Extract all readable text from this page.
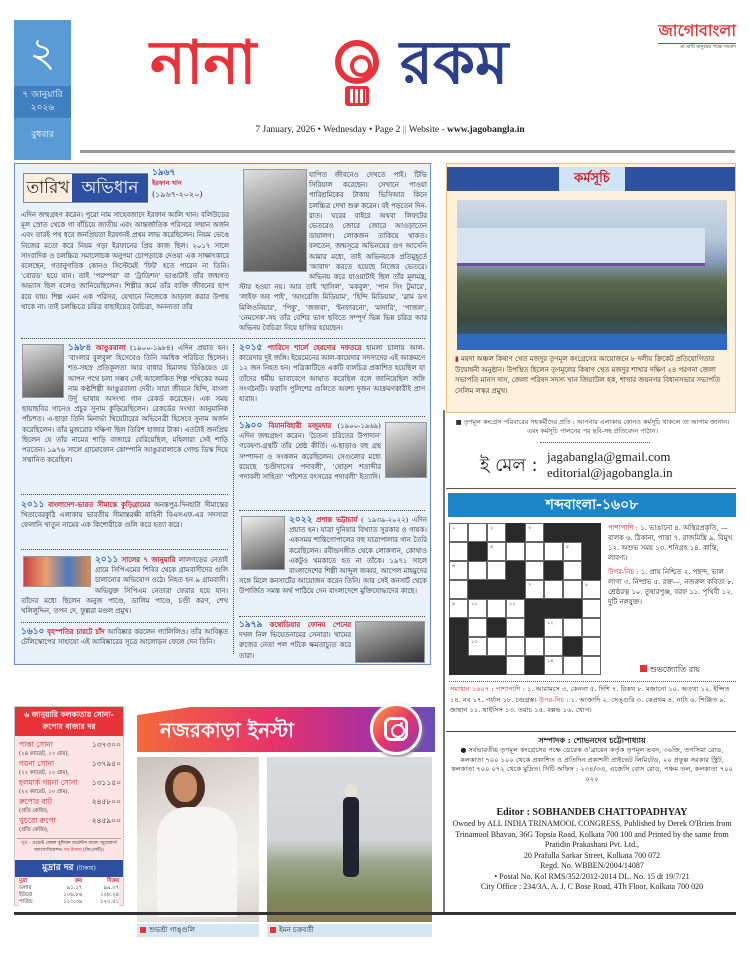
২
৭ জানুয়ারি ২০২৬
বুধবার
নানা রকম	জাগোবাংলা
মা মাটি মানুষের পক্ষে সংবাদ
7 January, 2026 • Wednesday • Page 2 || Website - www.jagobangla.in
তারিখ অভিধান
১৯৬৭
ইরফান খান
(১৯৬৭-২০২০)
এদিন জন্মগ্রহণ করেন। পুরো নাম সাহেবজাদে ইরফান আলি খান। বলিউডের মূল স্রোত থেকে গা বাঁচিয়ে জাতীয় এবং আন্তর্জাতিক পরিসরে সম্মান অর্জন এবং তারই পথ ধরে জনপ্রিয়তা ইরফানই প্রথম লাভ করেছিলেন। নিয়ম ভেঙে নিজের মতো করে নিয়ম গড়া ইরফানের প্রিয় কাজ ছিল। ২০১৭ সালে সাংবাদিক ও চলচ্চিত্র সমালোচক অনুপমা চোপড়াকে দেওয়া এক সাক্ষাৎকারে বলেছেন, গতানুগতিক কোনও সিস্টেমেই 'ফিট' হতে পারেন না তিনি। 'বোরড' হয়ে যান। তাই 'পরম্পরা' বা 'ট্রাডিশন' ভাঙাটাই তাঁর জন্মগত অভ্যাস ছিল বলেও জানিয়েছিলেন। শিল্পীর কর্মে তাঁর ব্যক্তি জীবনের ছাপ রয়ে যায়। শিল্প এমন এক পরিসর, যেখানে নিজেকে আড়াল করার উপায় থাকে না। তাই চলচ্চিত্রে চরিত্র বাছাইয়ের বৈচিত্র্য, অনন্যতা তাঁর
যাপিত জীবনেও দেখতে পাই। টিভি সিরিয়াল করেছেন। সেখানে পাওয়া পারিশ্রমিকের টাকায় ভিসিআর কিনে চলচ্চিত্র দেখা শুরু করেন। বই পড়তেন দিন-রাত। ঘরের বাইরে অথবা লিফটের ভেতরেও জোরে জোরে আওড়াতেন ডায়ালগ। লোকজন তাকিয়ে থাকত। বলতেন, জন্মসূত্রে অভিনয়ের গুণ আসেনি আমার মধ্যে, তাই অভিনয়কে প্রতিমুহূর্তে 'আবাদ' করতে হয়েছে নিজের ভেতরে। অভিনয় করে যাওয়াটাই ছিল তাঁর মূলমন্ত্র, স্টার হওয়া নয়। আর তাই 'হাসিল', 'মকবুল', 'পান সিং টুমারে', 'লাইফ অব পাই', 'আংরেজি মিডিয়াম', 'হিন্দি মিডিয়াম', 'স্লাম ডগ মিলিওনিয়ার', 'পিকু', 'জজবা', 'ইনফারনো', 'মাদারি', 'পাজল', 'নেমসেক'-সহ তাঁর বেশির ভাগ ছবিতে সম্পূর্ণ ভিন্ন ভিন্ন চরিত্র আর অভিনয় বৈচিত্র্য নিয়ে হাজির হয়েছেন।
১৯৮৪ আঙুরবালা (১৯০০-১৯৮৪) এদিন প্রয়াত হন। 'বাংলার বুলবুল' হিসেবেও তিনি সমধিক পরিচিত ছিলেন। শত-সহস্র প্রতিকূলতা আর বাধার হিমালয় ডিঙিয়েও যে আপন পথে চলা সম্ভব সেই আলোকিত শিল্প পথিকের অমর নাম কণ্ঠশিল্পী আঙুরবালা দেবী। সারা জীবনে হিন্দি, বাংলা উর্দু ভাষায় অসংখ্য গান রেকর্ড করেছেন। এক সময় ছায়াছবির গানেও প্রচুর সুনাম কুড়িয়েছিলেন। রেকর্ডের সংখ্যা আনুমানিক পাঁচশত। এ-ছাড়া তিনি মিনার্ভা থিয়েটারের অভিনেত্রী হিসেবে সুনাম অর্জন করেছিলেন। তাঁর মুজরোর দক্ষিণা ছিল তিরিশ হাজার টাকা। এতটাই জনপ্রিয় ছিলেন যে তাঁর নামের শাড়ি বাজারে বেরিয়েছিল, মহিলারা সেই শাড়ি পরতেন। ১৯৭৬ সালে গ্রামোফোন কোম্পানি আঙুরবালাকে গোল্ড ডিস্ক দিয়ে সম্মানিত করেছিল।
২০১৫ প্যারিসে শার্লে হেবদোর দফতরে হামলা চালায় আল-কায়েদার দুই জঙ্গি। ইয়েমেনের আল-কায়েদার সদস্যদের এই আক্রমণে ১২ জন নিহত হন। পত্রিকাটিতে একটি ব্যঙ্গচিত্র প্রকাশিত হয়েছিল যা তাঁদের ধর্মীয় ভাবাবেগে আঘাত করেছিল বলে জানিয়েছিল জঙ্গি সংগঠনটি। ফরাসি পুলিশের গুলিতে অবশ্য দুজন আক্রমণকারীই প্রাণ হারায়।
১৯০০ বিমানবিহারী মজুমদার (১৯০০-১৯৬৯) এদিন জন্মগ্রহণ করেন। 'চৈতন্য চরিতের উপাদান' গবেষণা-গ্রন্থটি তাঁর শ্রেষ্ঠ কীর্তি। এ-ছাড়াও বহু গ্রন্থ সম্পাদনা ও সংকলন করেছিলেন। সেগুলোর মধ্যে রয়েছে 'চণ্ডীদাসের পদাবলী', 'ষোড়শ শতাব্দীর পদাবলী সাহিত্য' 'পাঁচশত বৎসরের পদাবলী' ইত্যাদি।
২০১১ বাংলাদেশ-ভারত সীমান্তে কুড়িগ্রামের অনন্তপুর-দিনহাটা সীমান্তের খিতাবেরকুঠি এলাকায় ভারতীয় সীমান্তরক্ষী বাহিনী বিএসএফ-এর সদস্যরা ফেলানি খাতুন নামের এক কিশোরীকে গুলি করে হত্যা করে।
২০২২ প্রশান্ত ভট্টাচার্য ( ১৯৩৯-২০২২) এদিন প্রয়াত হন। যাত্রা দুনিয়ার বিখ্যাত সুরকার ও গায়ক। একসময় শান্তিগোপালের বহু যাত্রাপালার গান তৈরি করেছিলেন। রবীন্দ্রসঙ্গীত থেকে লোকগান, কোথাও একটুও থমকাতে হত না তাঁকে। ১৯৭১ সালে বাংলাদেশের শিল্পী আব্দুল জব্বর, আপেল মাহমুদের সঙ্গে মিলে কনসার্টের আয়োজন করেন তিনি। আর সেই কনসার্ট থেকে উপার্জিত সমস্ত অর্থ পাঠিয়ে দেন বাংলাদেশে মুক্তিযোদ্ধাদের কাছে।
২০১১ সালের ৭ জানুয়ারি লালগড়ের নেতাই গ্রামে সিপিএমের শিবির থেকে গ্রামবাসীদের গুলি চালানোর অভিযোগ ওঠে। নিহত হন ৯ গ্রামবাসী। অভিযুক্ত সিপিএম নেতারা ফেরার হয়ে যান। তাঁদের মধ্যে ছিলেন অনুজ পাণ্ডে, ডালিম পাণ্ডে, চণ্ডী করণ, শেখ খলিলুদ্দিন, তপন দে, ফুল্লরা মণ্ডল প্রমুখ।
১৬১০ বৃহস্পতির চারটে চাঁদ আবিষ্কার করলেন গ্যালিলিও। তাঁর আবিষ্কৃত টেলিস্কোপের সাহায্যে এই আবিষ্কারের সূত্রে আলোড়ন ফেলে দেন তিনি।
১৯৭৯ কম্বোডিয়ার ফোনম পেনের দখল নিল ভিয়েতনামের সেনারা। খামের রুজের নেতা পল পটকে ক্ষমতাচ্যুত করে তারা।
কর্মসূচি
▮ ময়দা অঞ্চল কিষাণ খেত মজদুর তৃণমূল কংগ্রেসের আয়োজনে ৮ দলীয় ক্রিকেট প্রতিযোগিতার উদ্বোধনী অনুষ্ঠান। উপস্থিত ছিলেন তৃণমূলের কিষাণ খেত মজদুর শাখার দক্ষিণ ২৪ পরগনা জেলা সভাপতি মানস দাস, জেলা পরিষদ সদস্য খান জিয়াউল হক, শাখার জয়নগর বিধানসভার সভাপতি সেলিম লস্কর প্রমুখ।
■ তৃণমূল কংগ্রেস পরিবারের সহকর্মীদের প্রতি : আপনার এলাকায় কোনও কর্মসূচি থাকলে তা আগাম জানান। এবং কর্মসূচি পালনের পর ছবি-সহ প্রতিবেদন পাঠান।
ই মেল : jagabangla@gmail.com
editorial@jagobangla.in
শব্দবাংলা-১৬০৮
১	২	৩
৪	৫
৬
৭	৮
৯	১০	১১
১২
১৩
১৪
পাশাপাশি : ১. ভাঙানো ৪. অস্থিরপ্রকৃতি, — বালক ৬. ঠিকানা, পাত্তা ৭. রাজমিস্ত্রি ৯. বিমুখ ১২. অশুভ সময় ১৩. শনিগ্রহ ১৪. কান্তি, লাবণ্য।
উপর-নিচ : ১. প্রায় নিশ্চিত ২. পছন্দ, ভাল লাগা ৩. নিষ্প্রভ ৫. রক্ত—, নজরুল কবিতা ৮. শ্রেষ্ঠরত্ন ১০. তুষারপুঞ্জ, বরফ ১১. পৃথিবী ১২. দুটি নলযুক্ত।
শুভজ্যোতি রায়
সমাধান ১৬০৭ : পাশাপাশি : ১. আরামসে ৩. কেননা ৫. দিশি ৭. রিকথ ৮. মজানো ১০. অতথা ১২. ইপ্সিত ১৪. নব ১৭. পর্যাস ১৮. চন্দ্রগ্রস্ত। উপর-নিচ : ১. আজাদি ২. সেঙ্গুরি ৩. কেপ্রথম ৪. নাট্য ৬. শিঞ্জিত ৯. জাহান ১১. থাইসিস ১৩. তরাচ ১৫. বল্লভ ১৬. খোপ।
সম্পাদক : শোভনদেব চট্টোপাধ্যায়
● সর্বভারতীয় তৃণমূল কংগ্রেসের পক্ষে ডেরেক ও'ব্রায়েন কর্তৃক তৃণমূল ভবন, ৩৬জি, তপসিয়া রোড, কলকাতা ৭০০ ১০০ থেকে প্রকাশিত ও প্রতিদিন প্রকাশনী প্রাইভেট লিমিটেড, ২০ প্রফুল্ল সরকার স্ট্রিট, কলকাতা ৭০০ ০৭২ থেকে মুদ্রিত। সিটি অফিস : ২৩৪/৩এ, এজেসি বোস রোড, পঞ্চম তল, কলকাতা ৭০০ ০২০
Editor : SOBHANDEB CHATTOPADHYAY
Owned by ALL INDIA TRINAMOOL CONGRESS, Published by Derek O'Brien from Trinamool Bhavan, 36G Topsia Road, Kolkata 700 100 and Printed by the same from Pratidin Prakashani Pvt. Ltd.,
20 Prafulla Sarkar Street, Kolkata 700 072
Regd. No. WBBEN/2004/14087
• Postal No. Kol RMS/352/2012-2014 DL. No. 15 dt 19/7/21
City Office : 234/3A, A. J. C Bose Road, 4Th Floor, Kolkata 700 020
৬ জানুয়ারি কলকাতায় সোনা-রুপোর বাজার দর
পাকা সোনা	১৩৭৩০০
(২৪ ক্যারেট, ১০ গ্রাম),
গয়না সোনা	১৩৭৯৫০
(২২ ক্যারেট, ১০ গ্রাম),
হলমার্ক গয়না সোনা ১৩১১৫০
(২২ ক্যারেট, ১০ গ্রাম),
রুপোর বাট	২৪৫৮০০
(প্রতি কেজি),
খুচরো রুপো	২৪৫৯০০
(প্রতি কেজি),
সূত্র : ওয়েস্ট বেঙ্গল বুলিয়ন মার্চেন্টস অ্যান্ড জুয়েলার্স অ্যাসোসিয়েশন। দর টাকায় (জিএসটি)।
মুদ্রার দর (টাকায়)
মুদ্রা	ক্রয়	বিক্রয়
ডলার	৯১.১৭	৯৯.০৭
ইউরো	১০৬.৮৬	১০৮.২৪
পাউন্ড	১২৩.৩৯	১২০.৫১
নজরকাড়া ইনস্টা
শুভশ্রী গাঙ্গুলি	ইমন চক্রবর্তী
